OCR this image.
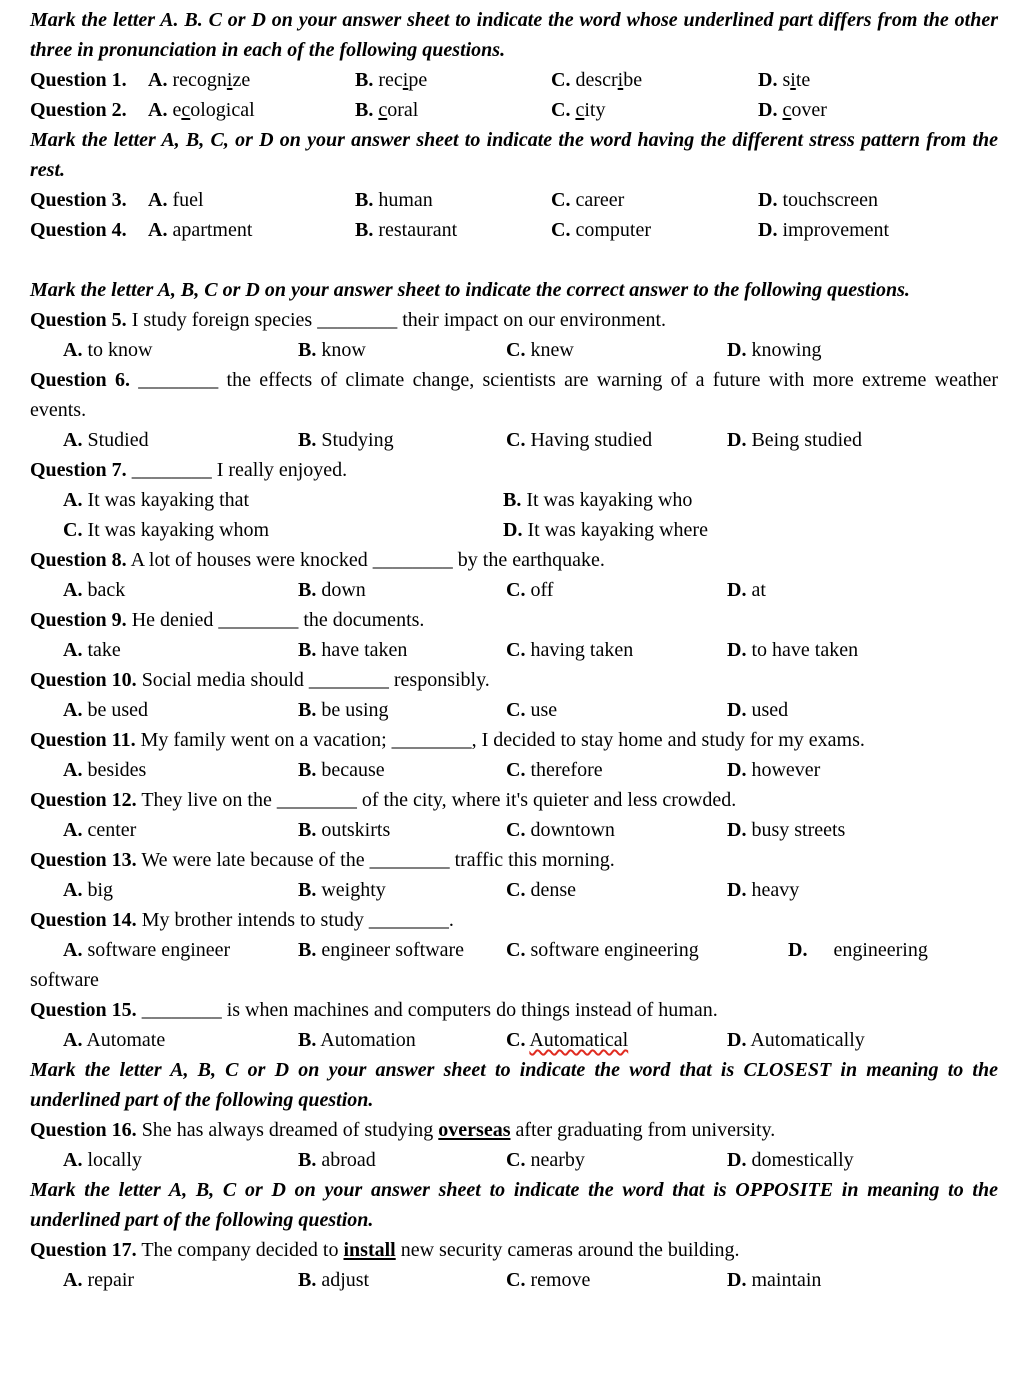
Mark the letter A. B. C or D on your answer sheet to indicate the word whose underlined part differs from the other three in pronunciation in each of the following questions.
Question 1.	A. recognize	B. recipe	C. describe	D. site
Question 2.	A. ecological	B. coral	C. city	D. cover
Mark the letter A, B, C, or D on your answer sheet to indicate the word having the different stress pattern from the rest.
Question 3.	A. fuel	B. human	C. career	D. touchscreen
Question 4.	A. apartment	B. restaurant	C. computer	D. improvement
Mark the letter A, B, C or D on your answer sheet to indicate the correct answer to the following questions.
Question 5. I study foreign species ________ their impact on our environment.
A. to know	B. know	C. knew	D. knowing
Question 6. ________ the effects of climate change, scientists are warning of a future with more extreme weather events.
A. Studied	B. Studying	C. Having studied	D. Being studied
Question 7. ________ I really enjoyed.
A. It was kayaking that	B. It was kayaking who
C. It was kayaking whom	D. It was kayaking where
Question 8. A lot of houses were knocked ________ by the earthquake.
A. back	B. down	C. off	D. at
Question 9. He denied ________ the documents.
A. take	B. have taken	C. having taken	D. to have taken
Question 10. Social media should ________ responsibly.
A. be used	B. be using	C. use	D. used
Question 11. My family went on a vacation; ________, I decided to stay home and study for my exams.
A. besides	B. because	C. therefore	D. however
Question 12. They live on the ________ of the city, where it's quieter and less crowded.
A. center	B. outskirts	C. downtown	D. busy streets
Question 13. We were late because of the ________ traffic this morning.
A. big	B. weighty	C. dense	D. heavy
Question 14. My brother intends to study ________.
A. software engineer	B. engineer software	C. software engineering	D. engineering
software
Question 15. ________ is when machines and computers do things instead of human.
A. Automate	B. Automation	C. Automatical	D. Automatically
Mark the letter A, B, C or D on your answer sheet to indicate the word that is CLOSEST in meaning to the underlined part of the following question.
Question 16. She has always dreamed of studying overseas after graduating from university.
A. locally	B. abroad	C. nearby	D. domestically
Mark the letter A, B, C or D on your answer sheet to indicate the word that is OPPOSITE in meaning to the underlined part of the following question.
Question 17. The company decided to install new security cameras around the building.
A. repair	B. adjust	C. remove	D. maintain
